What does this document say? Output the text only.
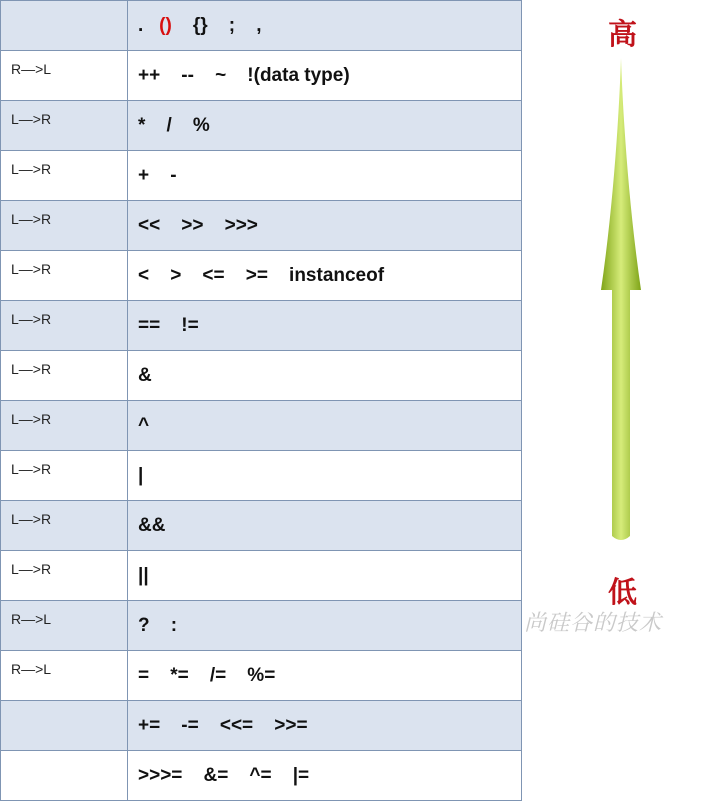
	.   ()    {}    ;    ,
R—>L	++    --    ~    !(data type)
L—>R	*    /    %
L—>R	+    -
L—>R	<<    >>    >>>
L—>R	<    >    <=    >=    instanceof
L—>R	==    !=
L—>R	&
L—>R	^
L—>R	|
L—>R	&&
L—>R	||
R—>L	?    :
R—>L	=    *=    /=    %=
	+=    -=    <<=    >>=
	>>>=    &=    ^=    |=
高
低
尚硅谷的技术
